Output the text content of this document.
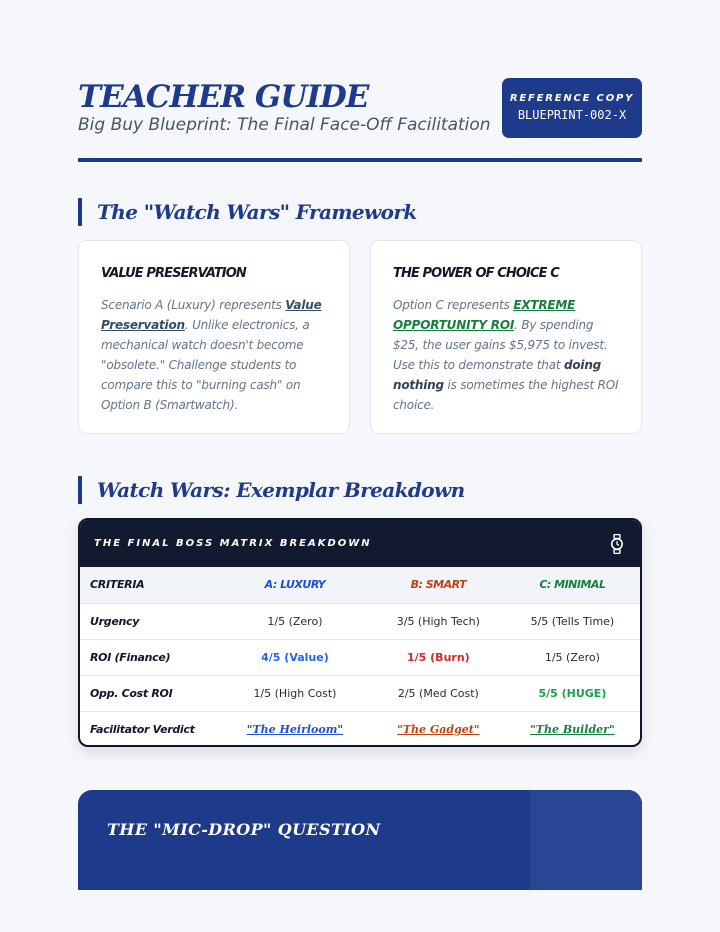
TEACHER GUIDE
Big Buy Blueprint: The Final Face-Off Facilitation
REFERENCE COPY
BLUEPRINT-002-X
The "Watch Wars" Framework
VALUE PRESERVATION

Scenario A (Luxury) represents Value Preservation. Unlike electronics, a mechanical watch doesn't become "obsolete." Challenge students to compare this to "burning cash" on Option B (Smartwatch).

THE POWER OF CHOICE C

Option C represents EXTREME OPPORTUNITY ROI. By spending $25, the user gains $5,975 to invest. Use this to demonstrate that doing nothing is sometimes the highest ROI choice.

Watch Wars: Exemplar Breakdown
THE FINAL BOSS MATRIX BREAKDOWN
CRITERIA	A: LUXURY	B: SMART	C: MINIMAL
Urgency	1/5 (Zero)	3/5 (High Tech)	5/5 (Tells Time)
ROI (Finance)	4/5 (Value)	1/5 (Burn)	1/5 (Zero)
Opp. Cost ROI	1/5 (High Cost)	2/5 (Med Cost)	5/5 (HUGE)
Facilitator Verdict	"The Heirloom"	"The Gadget"	"The Builder"
THE "MIC-DROP" QUESTION
